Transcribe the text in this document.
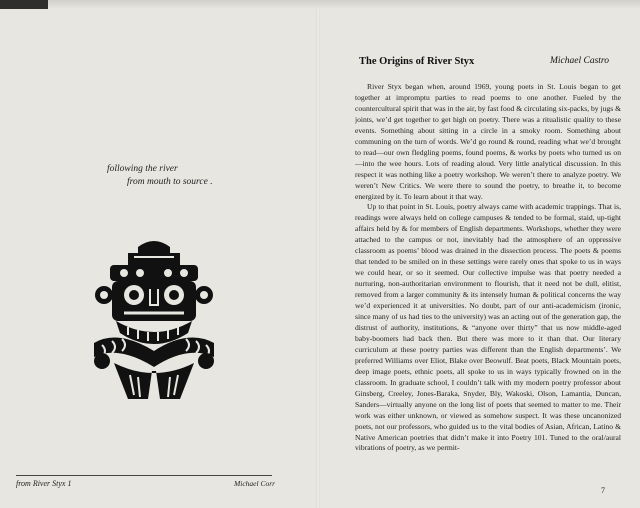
following the river
from mouth to source .
from River Styx 1	Michael Corr
The Origins of River Styx	Michael Castro

River Styx began when, around 1969, young poets in St. Louis began to get together at impromptu parties to read poems to one another. Fueled by the countercultural spirit that was in the air, by fast food & circulating six-packs, by jugs & joints, we’d get together to get high on poetry. There was a ritualistic quality to these events. Something about sitting in a circle in a smoky room. Something about communing on the turn of words. We’d go round & round, reading what we’d brought to read—our own fledgling poems, found poems, & works by poets who turned us on—into the wee hours. Lots of reading aloud. Very little analytical discussion. In this respect it was nothing like a poetry workshop. We weren’t there to analyze poetry. We weren’t New Critics. We were there to sound the poetry, to breathe it, to become energized by it. To learn about it that way.

Up to that point in St. Louis, poetry always came with academic trappings. That is, readings were always held on college campuses & tended to be formal, staid, up-tight affairs held by & for members of English departments. Workshops, whether they were attached to the campus or not, inevitably had the atmosphere of an oppressive classroom as poems’ blood was drained in the dissection process. The poets & poems that tended to be smiled on in these settings were rarely ones that spoke to us in ways we could hear, or so it seemed. Our collective impulse was that poetry needed a nurturing, non-authoritarian environment to flourish, that it need not be dull, elitist, removed from a larger community & its intensely human & political concerns the way we’d experienced it at universities. No doubt, part of our anti-academicism (ironic, since many of us had ties to the university) was an acting out of the generation gap, the distrust of authority, institutions, & “anyone over thirty” that us now middle-aged baby-boomers had back then. But there was more to it than that. Our literary curriculum at these poetry parties was different than the English departments’. We preferred Williams over Eliot, Blake over Beowulf. Beat poets, Black Mountain poets, deep image poets, ethnic poets, all spoke to us in ways typically frowned on in the classroom. In graduate school, I couldn’t talk with my modern poetry professor about Ginsberg, Creeley, Jones-Baraka, Snyder, Bly, Wakoski, Olson, Lamantia, Duncan, Sanders—virtually anyone on the long list of poets that seemed to matter to me. Their work was either unknown, or viewed as somehow suspect. It was these uncanonized poets, not our professors, who guided us to the vital bodies of Asian, African, Latino & Native American poetries that didn’t make it into Poetry 101. Tuned to the oral/aural vibrations of poetry, as we permit-

7
